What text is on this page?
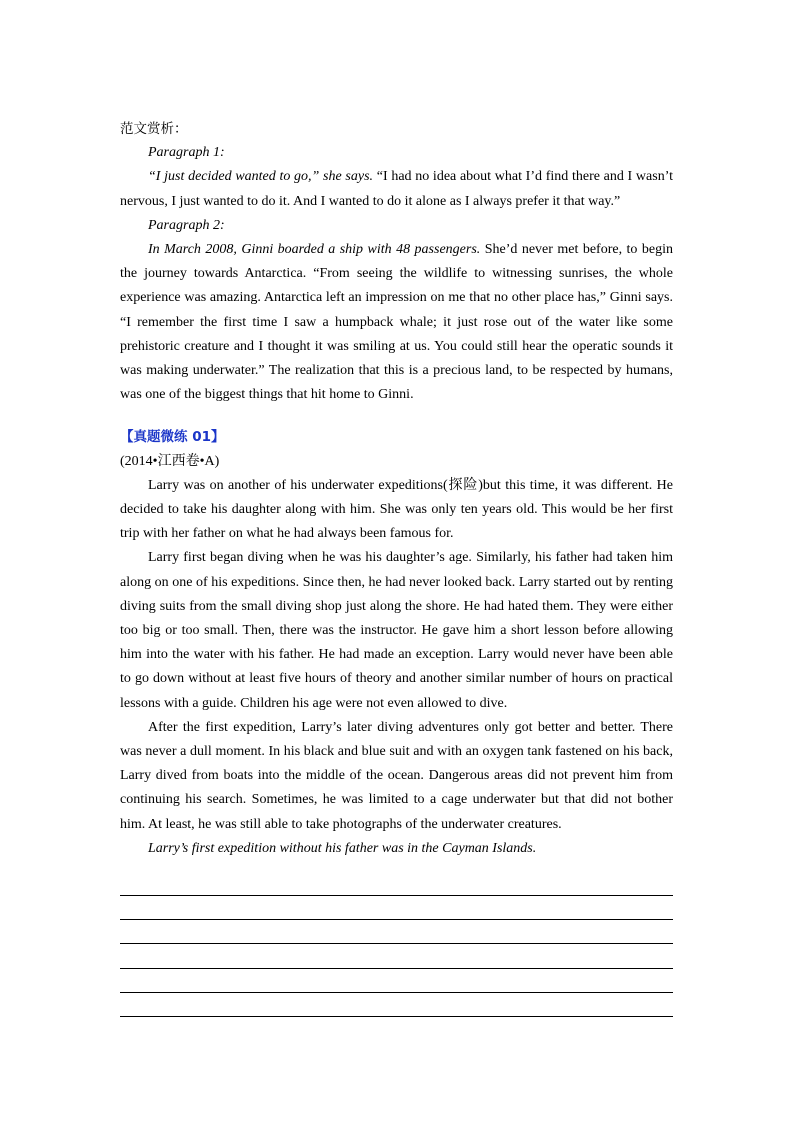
范文赏析：

Paragraph 1:

“I just decided wanted to go,” she says. “I had no idea about what I’d find there and I wasn’t nervous, I just wanted to do it. And I wanted to do it alone as I always prefer it that way.”

Paragraph 2:

In March 2008, Ginni boarded a ship with 48 passengers. She’d never met before, to begin the journey towards Antarctica. “From seeing the wildlife to witnessing sunrises, the whole experience was amazing. Antarctica left an impression on me that no other place has,” Ginni says. “I remember the first time I saw a humpback whale; it just rose out of the water like some prehistoric creature and I thought it was smiling at us. You could still hear the operatic sounds it was making underwater.” The realization that this is a precious land, to be respected by humans, was one of the biggest things that hit home to Ginni.

【真题微练 01】

(2014•江西卷•A)

Larry was on another of his underwater expeditions(探险)but this time, it was different. He decided to take his daughter along with him. She was only ten years old. This would be her first trip with her father on what he had always been famous for.

Larry first began diving when he was his daughter’s age. Similarly, his father had taken him along on one of his expeditions. Since then, he had never looked back. Larry started out by renting diving suits from the small diving shop just along the shore. He had hated them. They were either too big or too small. Then, there was the instructor. He gave him a short lesson before allowing him into the water with his father. He had made an exception. Larry would never have been able to go down without at least five hours of theory and another similar number of hours on practical lessons with a guide. Children his age were not even allowed to dive.

After the first expedition, Larry’s later diving adventures only got better and better. There was never a dull moment. In his black and blue suit and with an oxygen tank fastened on his back, Larry dived from boats into the middle of the ocean. Dangerous areas did not prevent him from continuing his search. Sometimes, he was limited to a cage underwater but that did not bother him. At least, he was still able to take photographs of the underwater creatures.

Larry’s first expedition without his father was in the Cayman Islands.
